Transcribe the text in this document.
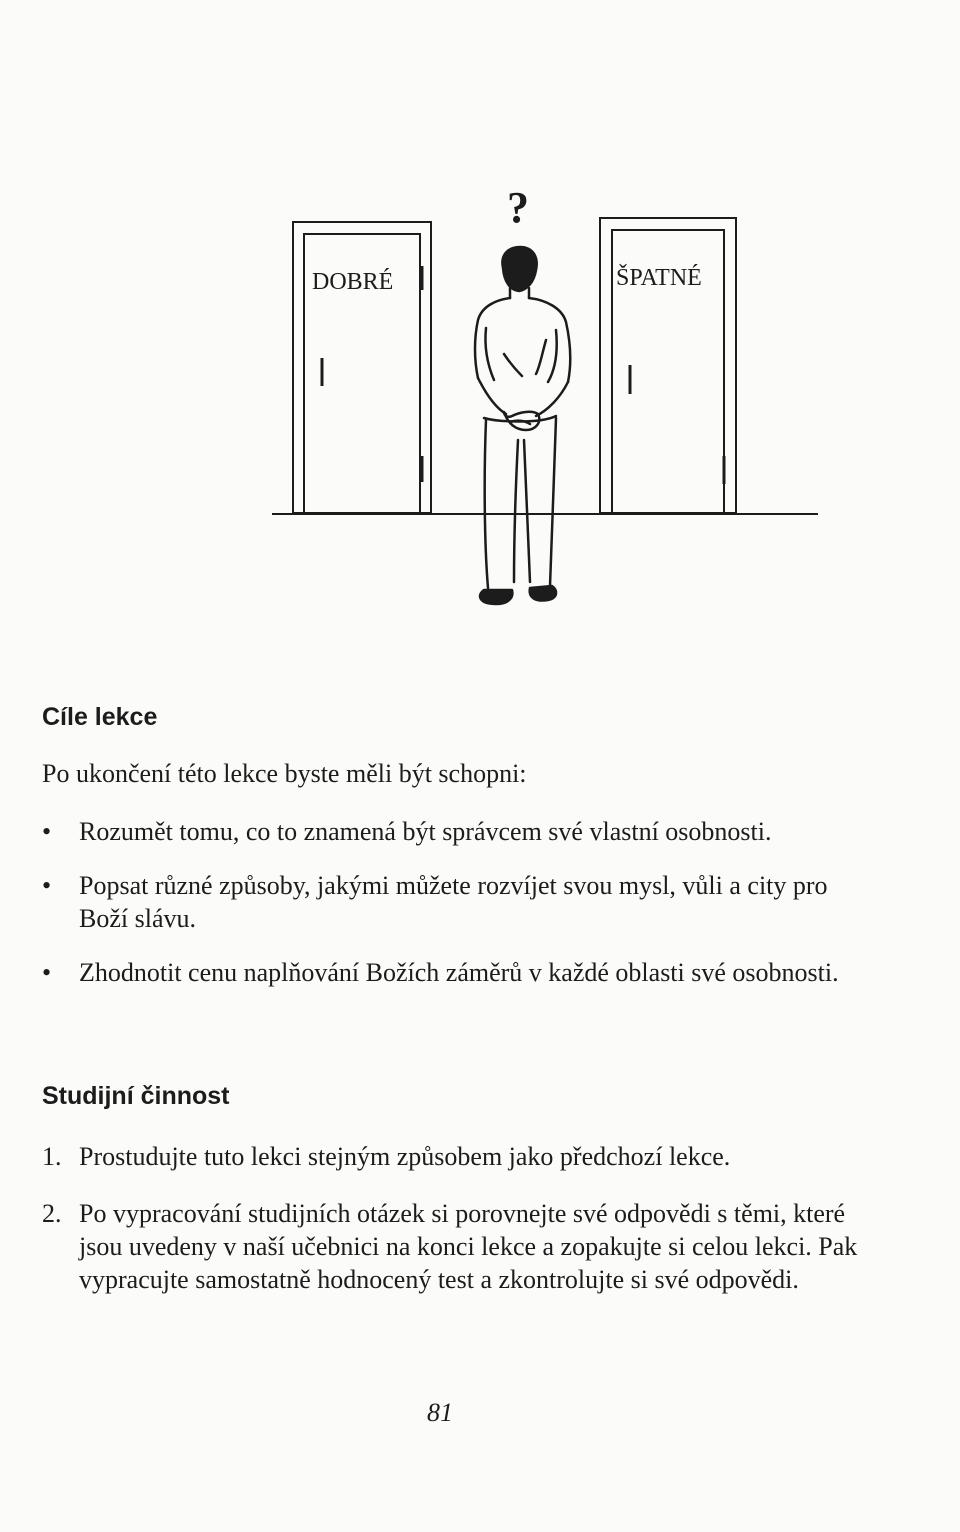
DOBRÉ	ŠPATNÉ
?
Cíle lekce

Po ukončení této lekce byste měli být schopni:

• Rozumět tomu, co to znamená být správcem své vlastní osobnosti.
• Popsat různé způsoby, jakými můžete rozvíjet svou mysl, vůli a city pro Boží slávu.
• Zhodnotit cenu naplňování Božích záměrů v každé oblasti své osobnosti.
Studijní činnost
1. Prostudujte tuto lekci stejným způsobem jako předchozí lekce.
2. Po vypracování studijních otázek si porovnejte své odpovědi s těmi, které jsou uvedeny v naší učebnici na konci lekce a zopakujte si celou lekci. Pak vypracujte samostatně hodnocený test a zkontrolujte si své odpovědi.
81
